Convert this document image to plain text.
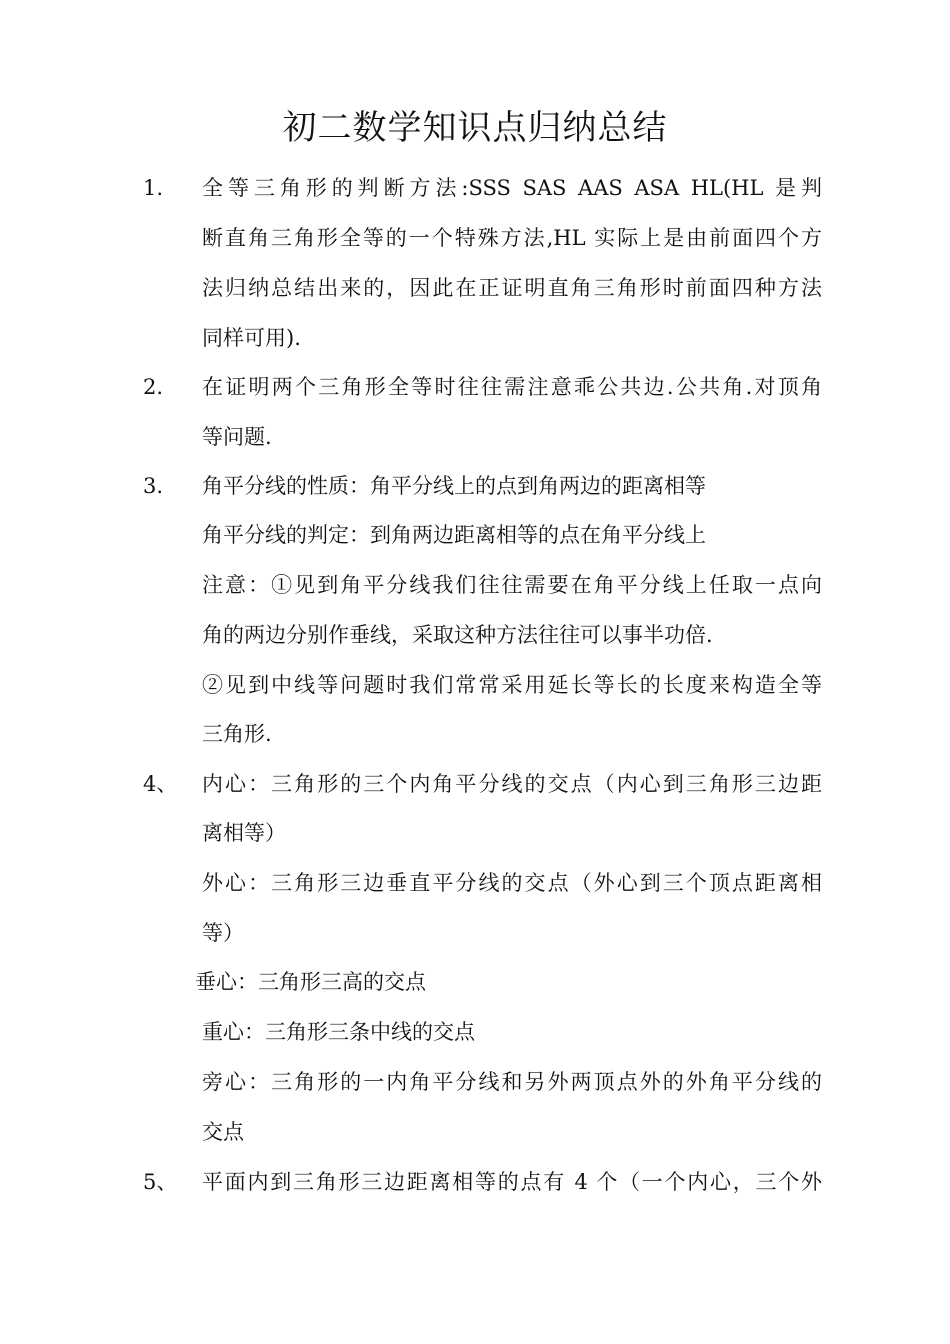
初二数学知识点归纳总结
1. 全等三角形的判断方法:SSS SAS AAS ASA HL(HL 是判
断直角三角形全等的一个特殊方法,HL 实际上是由前面四个方
法归纳总结出来的，因此在正证明直角三角形时前面四种方法
同样可用).
2. 在证明两个三角形全等时往往需注意乖公共边.公共角.对顶角
等问题.
3. 角平分线的性质：角平分线上的点到角两边的距离相等
角平分线的判定：到角两边距离相等的点在角平分线上
注意：①见到角平分线我们往往需要在角平分线上任取一点向
角的两边分别作垂线，采取这种方法往往可以事半功倍.
②见到中线等问题时我们常常采用延长等长的长度来构造全等
三角形.
4、 内心：三角形的三个内角平分线的交点（内心到三角形三边距
离相等）
外心：三角形三边垂直平分线的交点（外心到三个顶点距离相
等）
垂心：三角形三高的交点
重心：三角形三条中线的交点
旁心：三角形的一内角平分线和另外两顶点外的外角平分线的
交点
5、 平面内到三角形三边距离相等的点有 4 个（一个内心，三个外
